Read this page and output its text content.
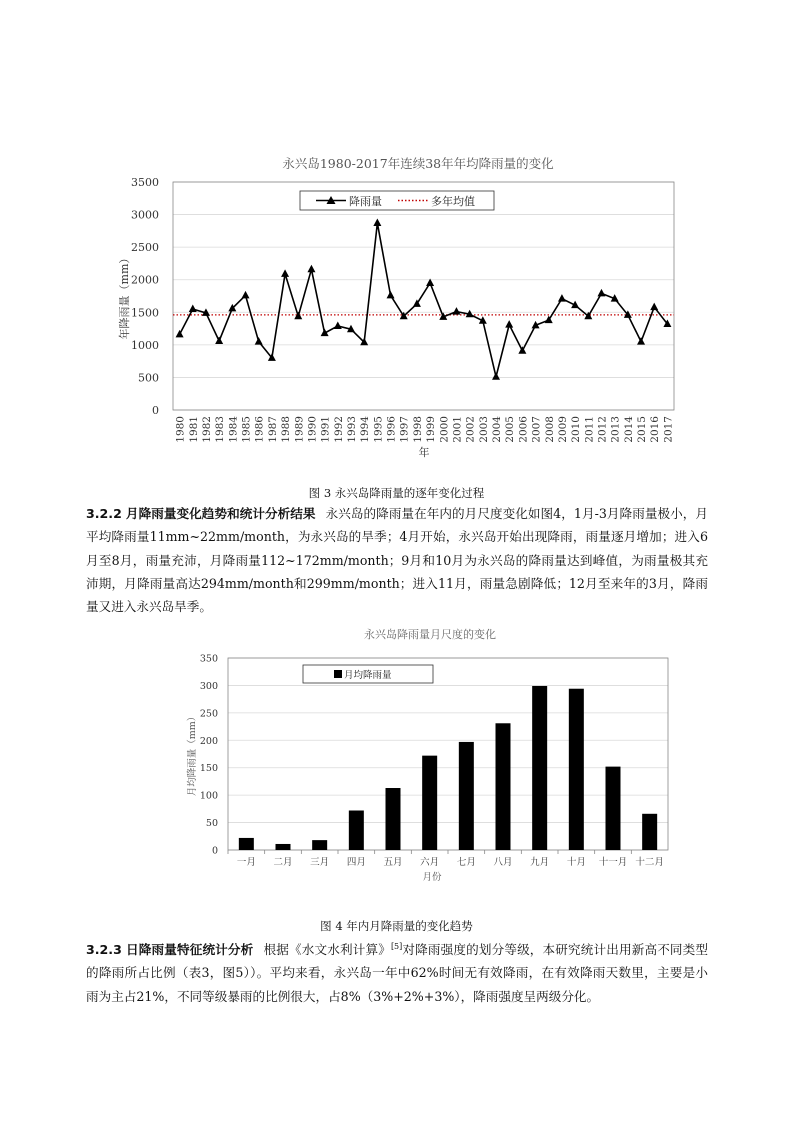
永兴岛1980-2017年连续38年年均降雨量的变化
0
500
1000
1500
2000
2500
3000
3500
1980 1981 1982 1983 1984 1985 1986 1987 1988 1989 1990 1991 1992 1993 1994 1995 1996 1997 1998 1999 2000 2001 2002 2003 2004 2005 2006 2007 2008 2009 2010 2011 2012 2013 2014 2015 2016 2017
年降雨量（mm）
年
降雨量	多年均值
图 3 永兴岛降雨量的逐年变化过程
3.2.2 月降雨量变化趋势和统计分析结果 永兴岛的降雨量在年内的月尺度变化如图4，1月-3月降雨量极小，月平均降雨量11mm~22mm/month，为永兴岛的旱季；4月开始，永兴岛开始出现降雨，雨量逐月增加；进入6月至8月，雨量充沛，月降雨量112~172mm/month；9月和10月为永兴岛的降雨量达到峰值，为雨量极其充沛期，月降雨量高达294mm/month和299mm/month；进入11月，雨量急剧降低；12月至来年的3月，降雨量又进入永兴岛旱季。
永兴岛降雨量月尺度的变化
0
50
100
150
200
250
300
350
一月 二月 三月 四月 五月 六月 七月 八月 九月 十月 十一月 十二月
月均降雨量（mm）
月份
月均降雨量
图 4 年内月降雨量的变化趋势
3.2.3 日降雨量特征统计分析 根据《水文水利计算》[5]对降雨强度的划分等级，本研究统计出用新高不同类型的降雨所占比例（表3，图5））。平均来看，永兴岛一年中62%时间无有效降雨，在有效降雨天数里，主要是小雨为主占21%，不同等级暴雨的比例很大，占8%（3%+2%+3%），降雨强度呈两级分化。
